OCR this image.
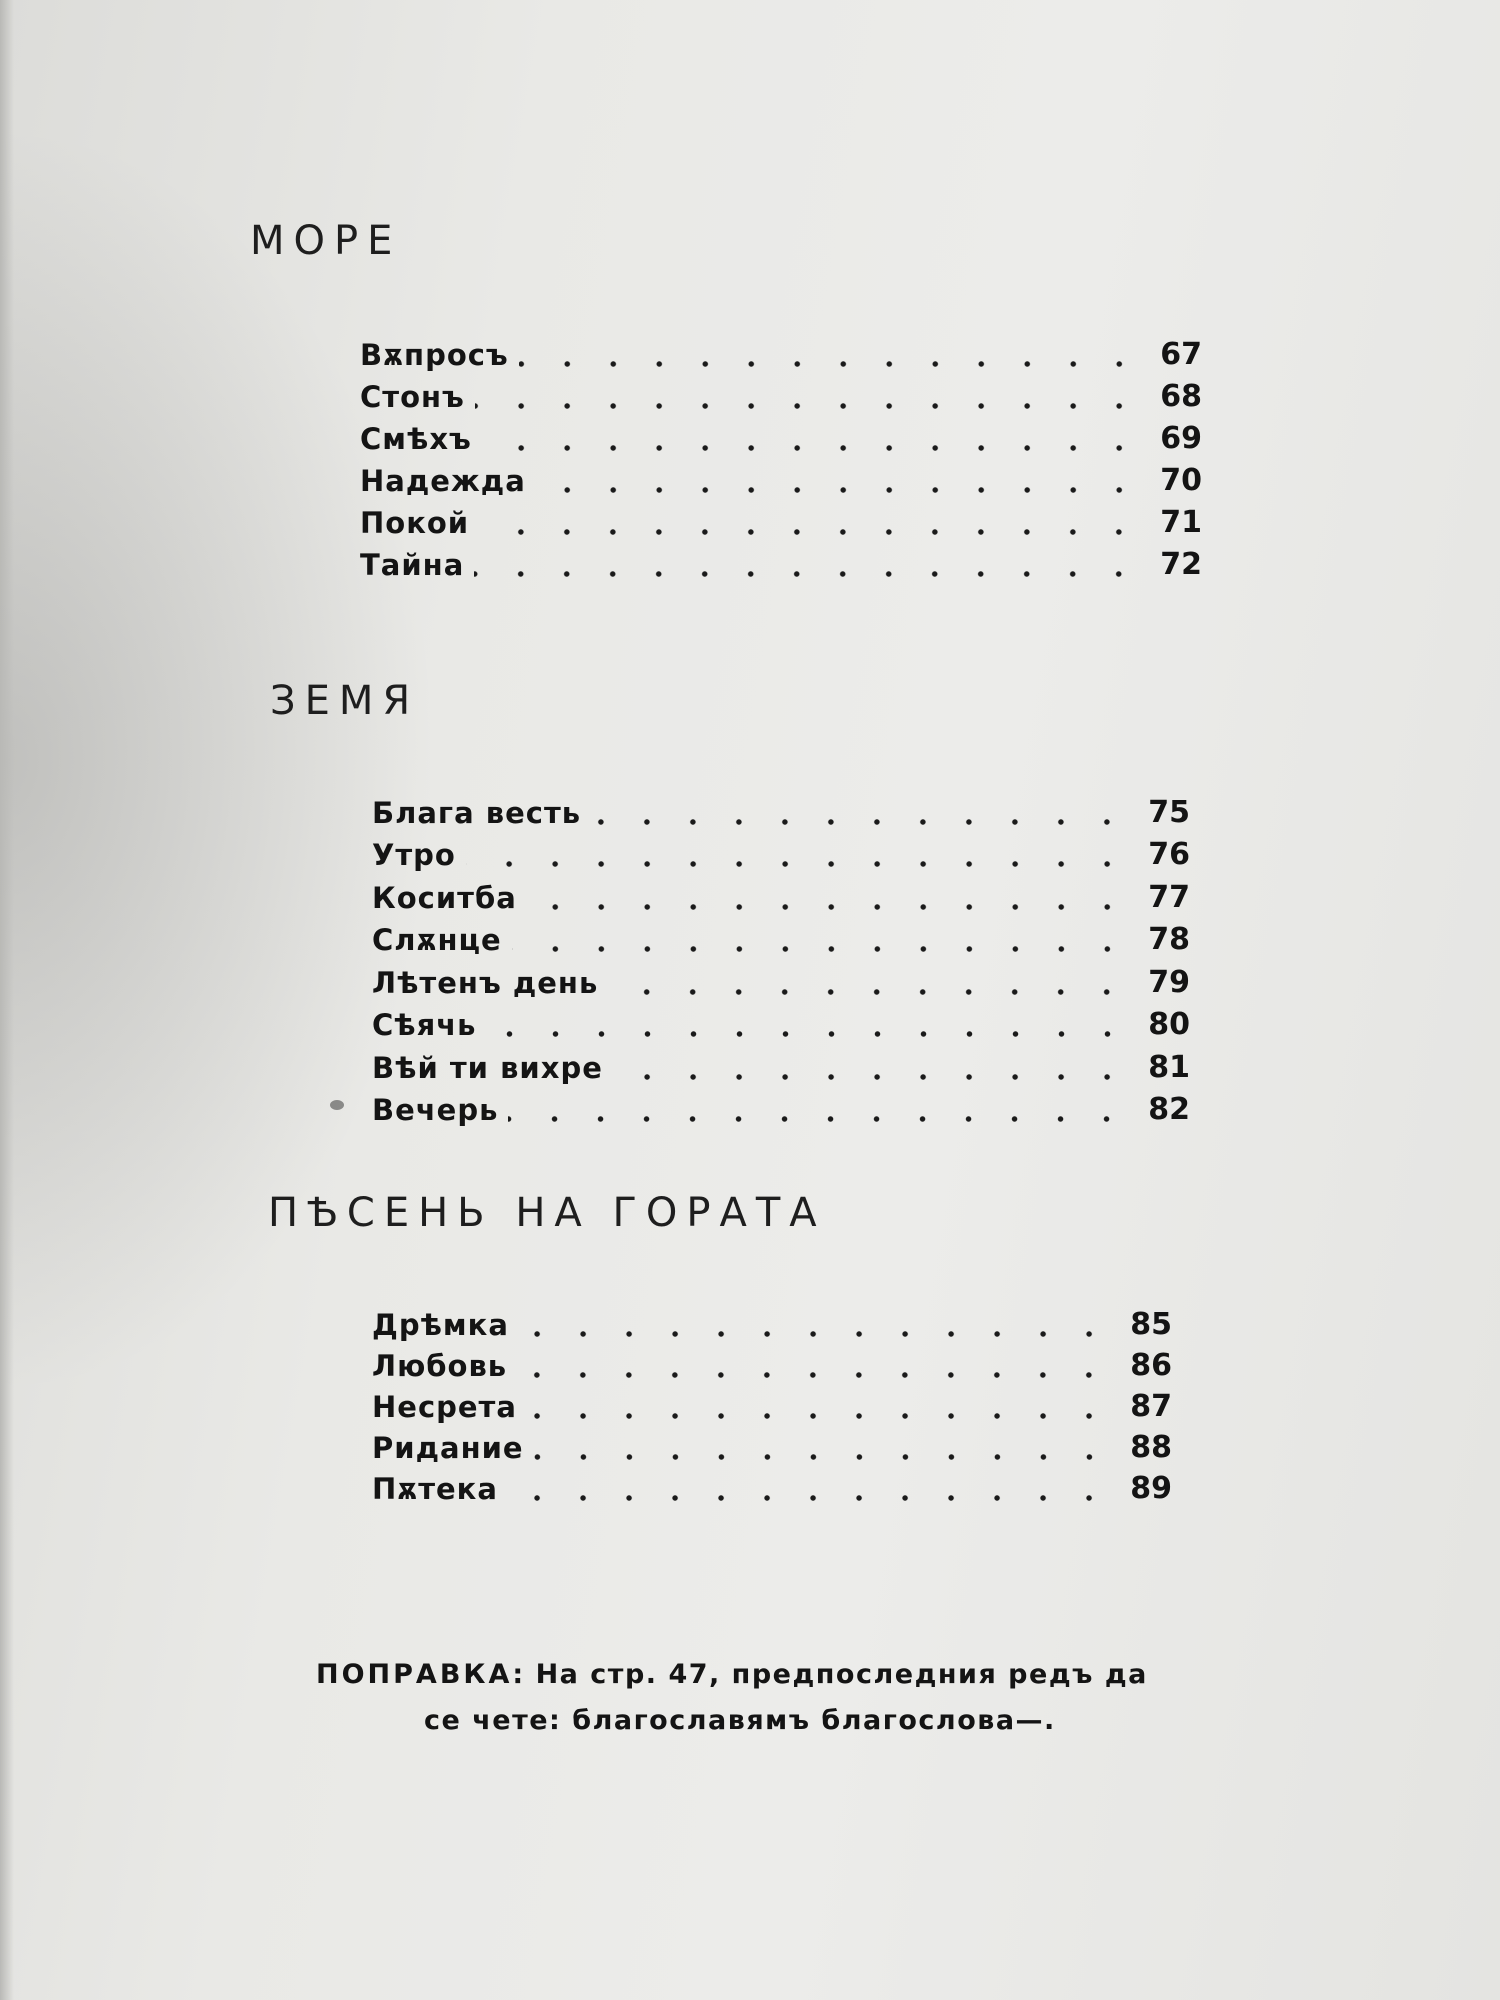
МОРЕ
Вѫпросъ	67
Стонъ	68
Смѣхъ	69
Надежда	70
Покой	71
Тайна	72
ЗЕМЯ
Блага весть	75
Утро	76
Коситба	77
Слѫнце	78
Лѣтенъ день	79
Сѣячь	80
Вѣй ти вихре	81
Вечерь	82
ПѢСЕНЬ НА ГОРАТА
Дрѣмка	85
Любовь	86
Несрета	87
Ридание	88
Пѫтека	89
ПОПРАВКА: На стр. 47, предпоследния редъ да
се чете: благославямъ благослова—.
